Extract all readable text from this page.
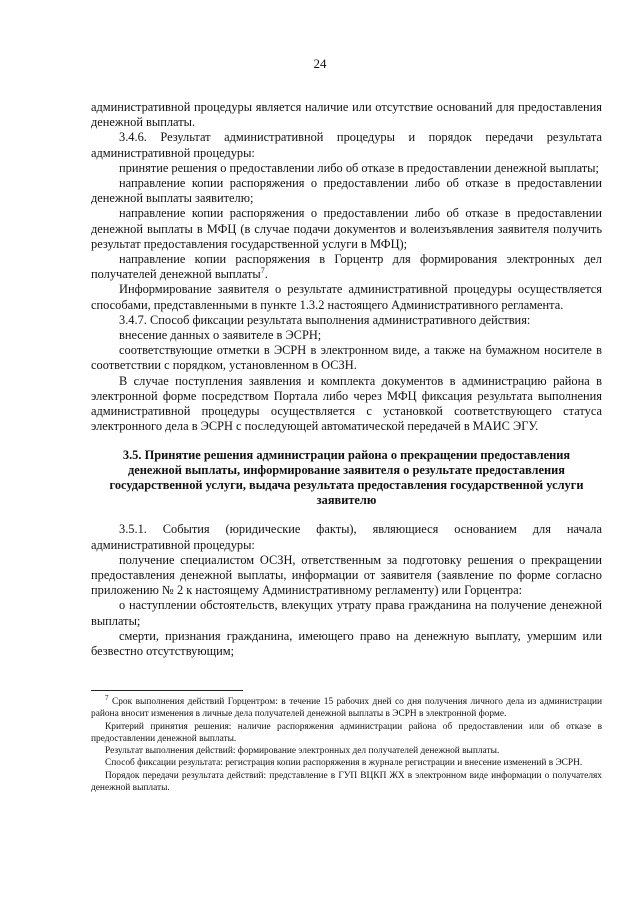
24

административной процедуры является наличие или отсутствие оснований для предоставления денежной выплаты.

3.4.6. Результат административной процедуры и порядок передачи результата административной процедуры:

принятие решения о предоставлении либо об отказе в предоставлении денежной выплаты;

направление копии распоряжения о предоставлении либо об отказе в предоставлении денежной выплаты заявителю;

направление копии распоряжения о предоставлении либо об отказе в предоставлении денежной выплаты в МФЦ (в случае подачи документов и волеизъявления заявителя получить результат предоставления государственной услуги в МФЦ);

направление копии распоряжения в Горцентр для формирования электронных дел получателей денежной выплаты$^7$.

Информирование заявителя о результате административной процедуры осуществляется способами, представленными в пункте 1.3.2 настоящего Административного регламента.

3.4.7. Способ фиксации результата выполнения административного действия:

внесение данных о заявителе в ЭСРН;

соответствующие отметки в ЭСРН в электронном виде, а также на бумажном носителе в соответствии с порядком, установленном в ОСЗН.

В случае поступления заявления и комплекта документов в администрацию района в электронной форме посредством Портала либо через МФЦ фиксация результата выполнения административной процедуры осуществляется с установкой соответствующего статуса электронного дела в ЭСРН с последующей автоматической передачей в МАИС ЭГУ.

3.5. Принятие решения администрации района о прекращении предоставления денежной выплаты, информирование заявителя о результате предоставления государственной услуги, выдача результата предоставления государственной услуги заявителю

3.5.1. События (юридические факты), являющиеся основанием для начала административной процедуры:

получение специалистом ОСЗН, ответственным за подготовку решения о прекращении предоставления денежной выплаты, информации от заявителя (заявление по форме согласно приложению № 2 к настоящему Административному регламенту) или Горцентра:

о наступлении обстоятельств, влекущих утрату права гражданина на получение денежной выплаты;

смерти, признания гражданина, имеющего право на денежную выплату, умершим или безвестно отсутствующим;

$^7$ Срок выполнения действий Горцентром: в течение 15 рабочих дней со дня получения личного дела из администрации района вносит изменения в личные дела получателей денежной выплаты в ЭСРН в электронной форме.

Критерий принятия решения: наличие распоряжения администрации района об предоставлении или об отказе в предоставлении денежной выплаты.

Результат выполнения действий: формирование электронных дел получателей денежной выплаты.

Способ фиксации результата: регистрация копии распоряжения в журнале регистрации и внесение изменений в ЭСРН.

Порядок передачи результата действий: представление в ГУП ВЦКП ЖХ в электронном виде информации о получателях денежной выплаты.
